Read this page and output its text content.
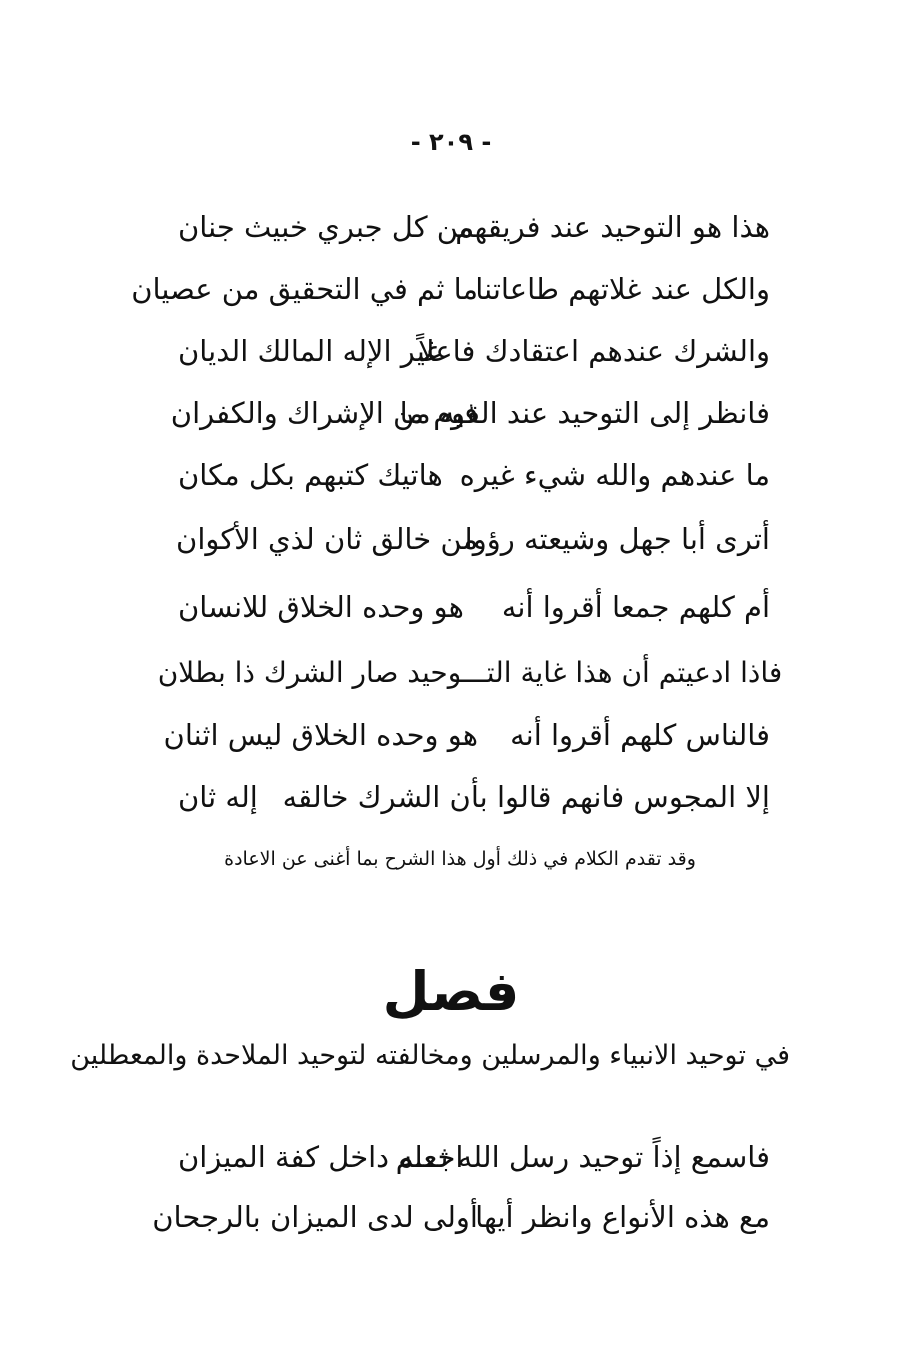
- ٢٠٩ -
هذا هو التوحيد عند فريقهم
من كل جبري خبيث جنان
والكل عند غلاتهم طاعاتنا
ما ثم في التحقيق من عصيان
والشرك عندهم اعتقادك فاعلاً
غير الإله المالك الديان
فانظر إلى التوحيد عند القوم ما
فيه من الإشراك والكفران
ما عندهم والله شيء غيره
هاتيك كتبهم بكل مكان
أترى أبا جهل وشيعته رؤوا
من خالق ثان لذي الأكوان
أم كلهم جمعا أقروا أنه
هو وحده الخلاق للانسان
فاذا ادعيتم أن هذا غاية التـــوحيد صار الشرك ذا بطلان
فالناس كلهم أقروا أنه
هو وحده الخلاق ليس اثنان
إلا المجوس فانهم قالوا بأن الشرك خالقه
إله ثان
وقد تقدم الكلام في ذلك أول هذا الشرح بما أغنى عن الاعادة
فصل
في توحيد الانبياء والمرسلين ومخالفته لتوحيد الملاحدة والمعطلين
فاسمع إذاً توحيد رسل الله ثـــم
اجعله داخل كفة الميزان
مع هذه الأنواع وانظر أيها
أولى لدى الميزان بالرجحان
